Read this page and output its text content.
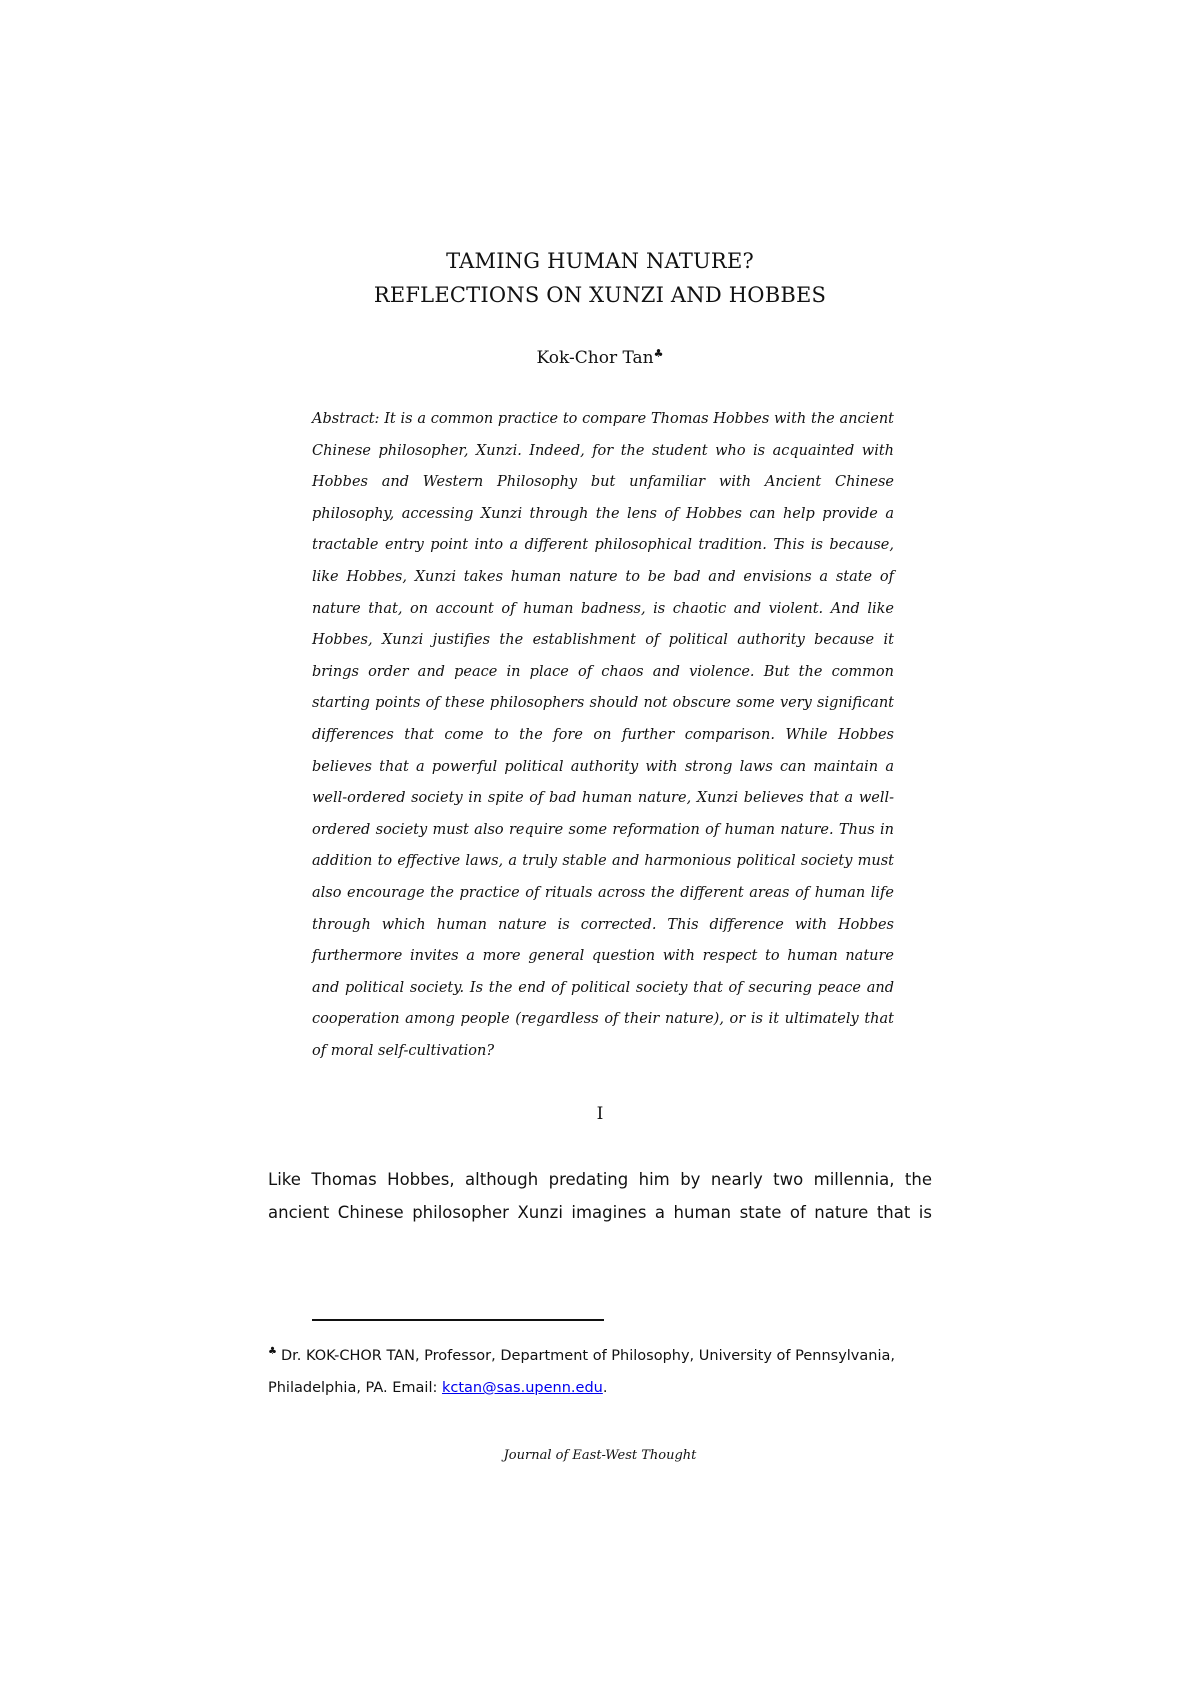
TAMING HUMAN NATURE?
REFLECTIONS ON XUNZI AND HOBBES
Kok-Chor Tan♣

Abstract: It is a common practice to compare Thomas Hobbes with the ancient Chinese philosopher, Xunzi. Indeed, for the student who is acquainted with Hobbes and Western Philosophy but unfamiliar with Ancient Chinese philosophy, accessing Xunzi through the lens of Hobbes can help provide a tractable entry point into a different philosophical tradition. This is because, like Hobbes, Xunzi takes human nature to be bad and envisions a state of nature that, on account of human badness, is chaotic and violent. And like Hobbes, Xunzi justifies the establishment of political authority because it brings order and peace in place of chaos and violence. But the common starting points of these philosophers should not obscure some very significant differences that come to the fore on further comparison. While Hobbes believes that a powerful political authority with strong laws can maintain a well-ordered society in spite of bad human nature, Xunzi believes that a well-ordered society must also require some reformation of human nature. Thus in addition to effective laws, a truly stable and harmonious political society must also encourage the practice of rituals across the different areas of human life through which human nature is corrected. This difference with Hobbes furthermore invites a more general question with respect to human nature and political society. Is the end of political society that of securing peace and cooperation among people (regardless of their nature), or is it ultimately that of moral self-cultivation?

I
Like Thomas Hobbes, although predating him by nearly two millennia, the
ancient Chinese philosopher Xunzi imagines a human state of nature that is

♣ Dr. KOK-CHOR TAN, Professor, Department of Philosophy, University of Pennsylvania, Philadelphia, PA. Email: kctan@sas.upenn.edu.

Journal of East-West Thought
